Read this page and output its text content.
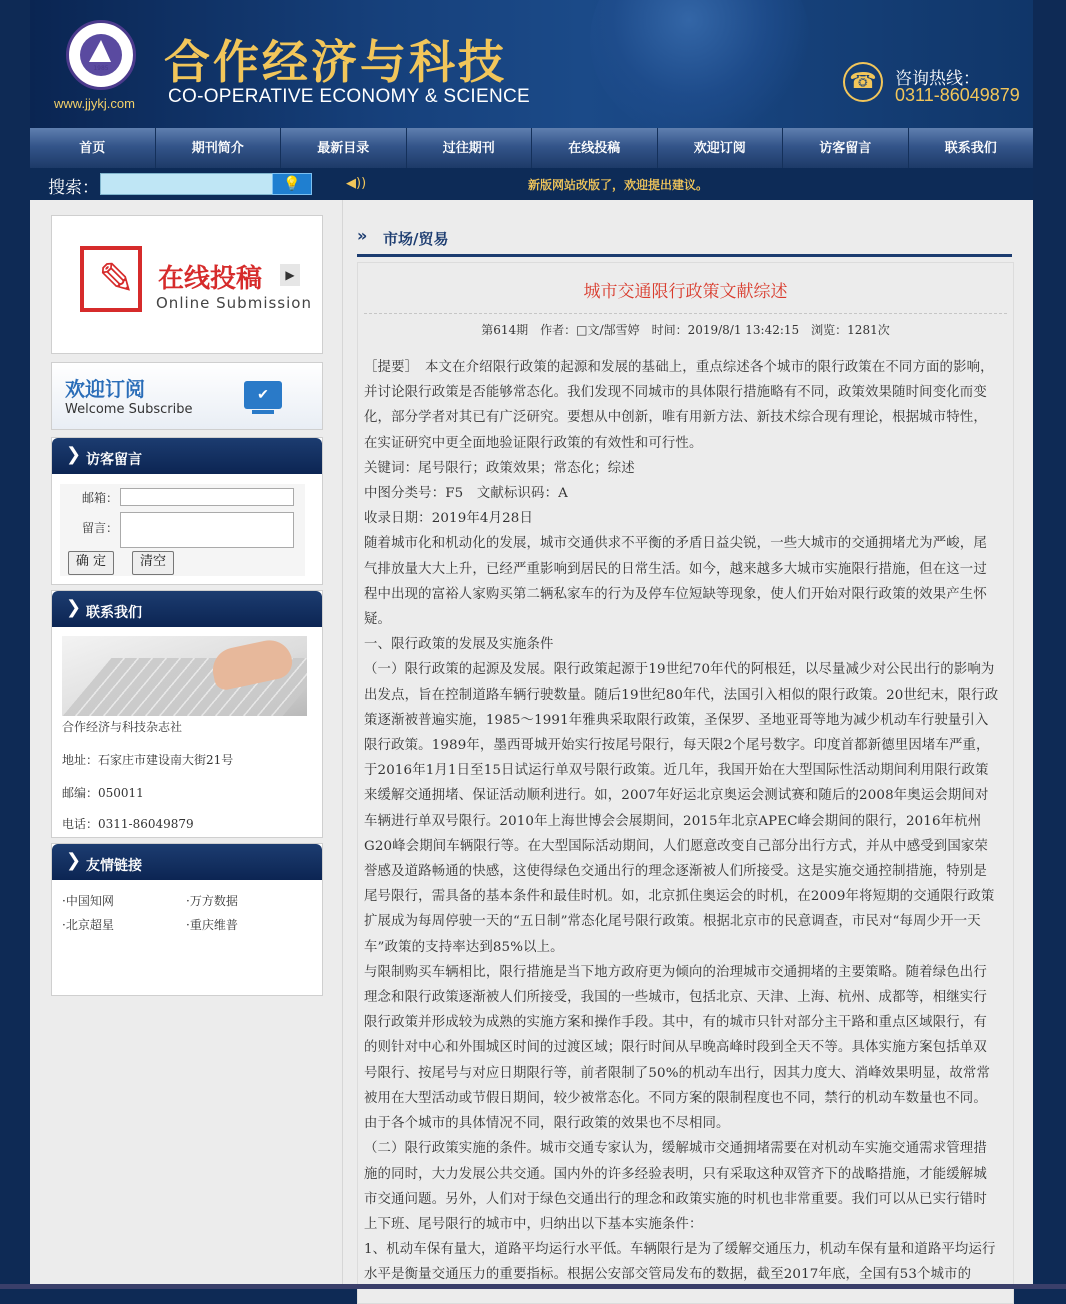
1985
www.jjykj.com
合作经济与科技
CO-OPERATIVE ECONOMY & SCIENCE
☎	咨询热线：
0311-86049879
首页	期刊简介	最新目录	过往期刊	在线投稿	欢迎订阅	访客留言	联系我们
搜索：	💡	◀))	新版网站改版了，欢迎提出建议。
✎ 在线投稿	▶
Online Submission
欢迎订阅
Welcome Subscribe
✔
❯ 访客留言
邮箱：
留言：
确 定	清空
❯ 联系我们
合作经济与科技杂志社
地址：石家庄市建设南大街21号
邮编：050011
电话：0311-86049879
❯ 友情链接
·中国知网	·万方数据
·北京超星	·重庆维普
» 市场/贸易
城市交通限行政策文献综述
第614期　作者：□文/郜雪婷　时间：2019/8/1 13:42:15　浏览：1281次

［提要］　本文在介绍限行政策的起源和发展的基础上，重点综述各个城市的限行政策在不同方面的影响，并讨论限行政策是否能够常态化。我们发现不同城市的具体限行措施略有不同，政策效果随时间变化而变化，部分学者对其已有广泛研究。要想从中创新，唯有用新方法、新技术综合现有理论，根据城市特性，在实证研究中更全面地验证限行政策的有效性和可行性。

关键词：尾号限行；政策效果；常态化；综述

中图分类号：F5　文献标识码：A

收录日期：2019年4月28日

随着城市化和机动化的发展，城市交通供求不平衡的矛盾日益尖锐，一些大城市的交通拥堵尤为严峻，尾气排放量大大上升，已经严重影响到居民的日常生活。如今，越来越多大城市实施限行措施，但在这一过程中出现的富裕人家购买第二辆私家车的行为及停车位短缺等现象，使人们开始对限行政策的效果产生怀疑。

一、限行政策的发展及实施条件

（一）限行政策的起源及发展。限行政策起源于19世纪70年代的阿根廷，以尽量减少对公民出行的影响为出发点，旨在控制道路车辆行驶数量。随后19世纪80年代，法国引入相似的限行政策。20世纪末，限行政策逐渐被普遍实施，1985～1991年雅典采取限行政策，圣保罗、圣地亚哥等地为减少机动车行驶量引入限行政策。1989年，墨西哥城开始实行按尾号限行，每天限2个尾号数字。印度首都新德里因堵车严重，于2016年1月1日至15日试运行单双号限行政策。近几年，我国开始在大型国际性活动期间利用限行政策来缓解交通拥堵、保证活动顺利进行。如，2007年好运北京奥运会测试赛和随后的2008年奥运会期间对车辆进行单双号限行。2010年上海世博会会展期间，2015年北京APEC峰会期间的限行，2016年杭州G20峰会期间车辆限行等。在大型国际活动期间，人们愿意改变自己部分出行方式，并从中感受到国家荣誉感及道路畅通的快感，这使得绿色交通出行的理念逐渐被人们所接受。这是实施交通控制措施，特别是尾号限行，需具备的基本条件和最佳时机。如，北京抓住奥运会的时机，在2009年将短期的交通限行政策扩展成为每周停驶一天的“五日制”常态化尾号限行政策。根据北京市的民意调查，市民对“每周少开一天车”政策的支持率达到85%以上。

与限制购买车辆相比，限行措施是当下地方政府更为倾向的治理城市交通拥堵的主要策略。随着绿色出行理念和限行政策逐渐被人们所接受，我国的一些城市，包括北京、天津、上海、杭州、成都等，相继实行限行政策并形成较为成熟的实施方案和操作手段。其中，有的城市只针对部分主干路和重点区域限行，有的则针对中心和外围城区时间的过渡区域；限行时间从早晚高峰时段到全天不等。具体实施方案包括单双号限行、按尾号与对应日期限行等，前者限制了50%的机动车出行，因其力度大、消峰效果明显，故常常被用在大型活动或节假日期间，较少被常态化。不同方案的限制程度也不同，禁行的机动车数量也不同。由于各个城市的具体情况不同，限行政策的效果也不尽相同。

（二）限行政策实施的条件。城市交通专家认为，缓解城市交通拥堵需要在对机动车实施交通需求管理措施的同时，大力发展公共交通。国内外的许多经验表明，只有采取这种双管齐下的战略措施，才能缓解城市交通问题。另外，人们对于绿色交通出行的理念和政策实施的时机也非常重要。我们可以从已实行错时上下班、尾号限行的城市中，归纳出以下基本实施条件：

1、机动车保有量大，道路平均运行水平低。车辆限行是为了缓解交通压力，机动车保有量和道路平均运行水平是衡量交通压力的重要指标。根据公安部交管局发布的数据，截至2017年底，全国有53个城市的
